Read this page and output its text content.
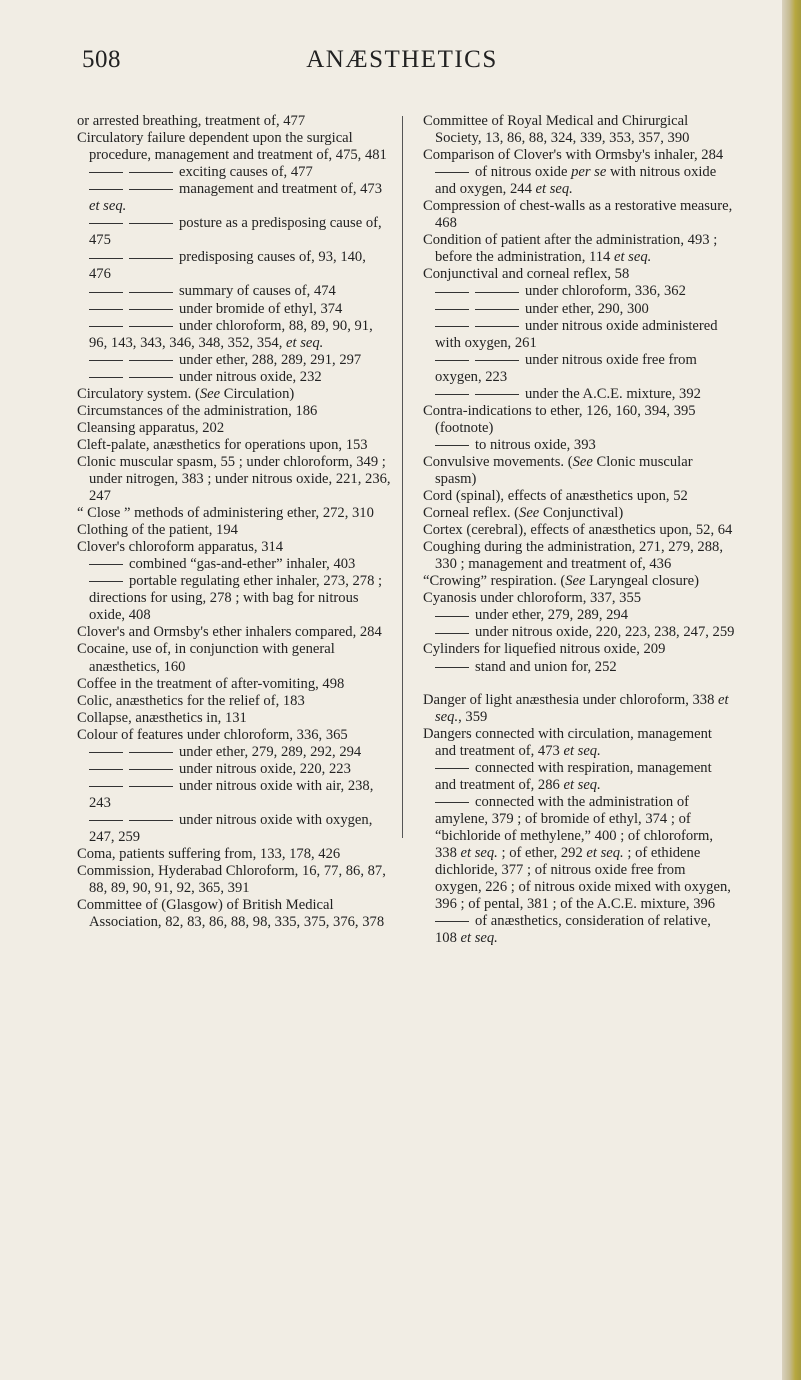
508	ANÆSTHETICS
or arrested breathing, treatment of, 477
Circulatory failure dependent upon the surgical procedure, management and treatment of, 475, 481
exciting causes of, 477
management and treatment of, 473 et seq.
posture as a predisposing cause of, 475
predisposing causes of, 93, 140, 476
summary of causes of, 474
under bromide of ethyl, 374
under chloroform, 88, 89, 90, 91, 96, 143, 343, 346, 348, 352, 354, et seq.
under ether, 288, 289, 291, 297
under nitrous oxide, 232
Circulatory system. (See Circulation)
Circumstances of the administration, 186
Cleansing apparatus, 202
Cleft-palate, anæsthetics for operations upon, 153
Clonic muscular spasm, 55 ; under chloroform, 349 ; under nitrogen, 383 ; under nitrous oxide, 221, 236, 247
“ Close ” methods of administering ether, 272, 310
Clothing of the patient, 194
Clover's chloroform apparatus, 314
combined “gas-and-ether” inhaler, 403
portable regulating ether inhaler, 273, 278 ; directions for using, 278 ; with bag for nitrous oxide, 408
Clover's and Ormsby's ether inhalers compared, 284
Cocaine, use of, in conjunction with general anæsthetics, 160
Coffee in the treatment of after-vomiting, 498
Colic, anæsthetics for the relief of, 183
Collapse, anæsthetics in, 131
Colour of features under chloroform, 336, 365
under ether, 279, 289, 292, 294
under nitrous oxide, 220, 223
under nitrous oxide with air, 238, 243
under nitrous oxide with oxygen, 247, 259
Coma, patients suffering from, 133, 178, 426
Commission, Hyderabad Chloroform, 16, 77, 86, 87, 88, 89, 90, 91, 92, 365, 391
Committee of (Glasgow) of British Medical Association, 82, 83, 86, 88, 98, 335, 375, 376, 378
Committee of Royal Medical and Chirurgical Society, 13, 86, 88, 324, 339, 353, 357, 390
Comparison of Clover's with Ormsby's inhaler, 284
of nitrous oxide per se with nitrous oxide and oxygen, 244 et seq.
Compression of chest-walls as a restorative measure, 468
Condition of patient after the administration, 493 ; before the administration, 114 et seq.
Conjunctival and corneal reflex, 58
under chloroform, 336, 362
under ether, 290, 300
under nitrous oxide administered with oxygen, 261
under nitrous oxide free from oxygen, 223
under the A.C.E. mixture, 392
Contra-indications to ether, 126, 160, 394, 395 (footnote)
to nitrous oxide, 393
Convulsive movements. (See Clonic muscular spasm)
Cord (spinal), effects of anæsthetics upon, 52
Corneal reflex. (See Conjunctival)
Cortex (cerebral), effects of anæsthetics upon, 52, 64
Coughing during the administration, 271, 279, 288, 330 ; management and treatment of, 436
“Crowing” respiration. (See Laryngeal closure)
Cyanosis under chloroform, 337, 355
under ether, 279, 289, 294
under nitrous oxide, 220, 223, 238, 247, 259
Cylinders for liquefied nitrous oxide, 209
stand and union for, 252
Danger of light anæsthesia under chloroform, 338 et seq., 359
Dangers connected with circulation, management and treatment of, 473 et seq.
connected with respiration, management and treatment of, 286 et seq.
connected with the administration of amylene, 379 ; of bromide of ethyl, 374 ; of “bichloride of methylene,” 400 ; of chloroform, 338 et seq. ; of ether, 292 et seq. ; of ethidene dichloride, 377 ; of nitrous oxide free from oxygen, 226 ; of nitrous oxide mixed with oxygen, 396 ; of pental, 381 ; of the A.C.E. mixture, 396
of anæsthetics, consideration of relative, 108 et seq.
